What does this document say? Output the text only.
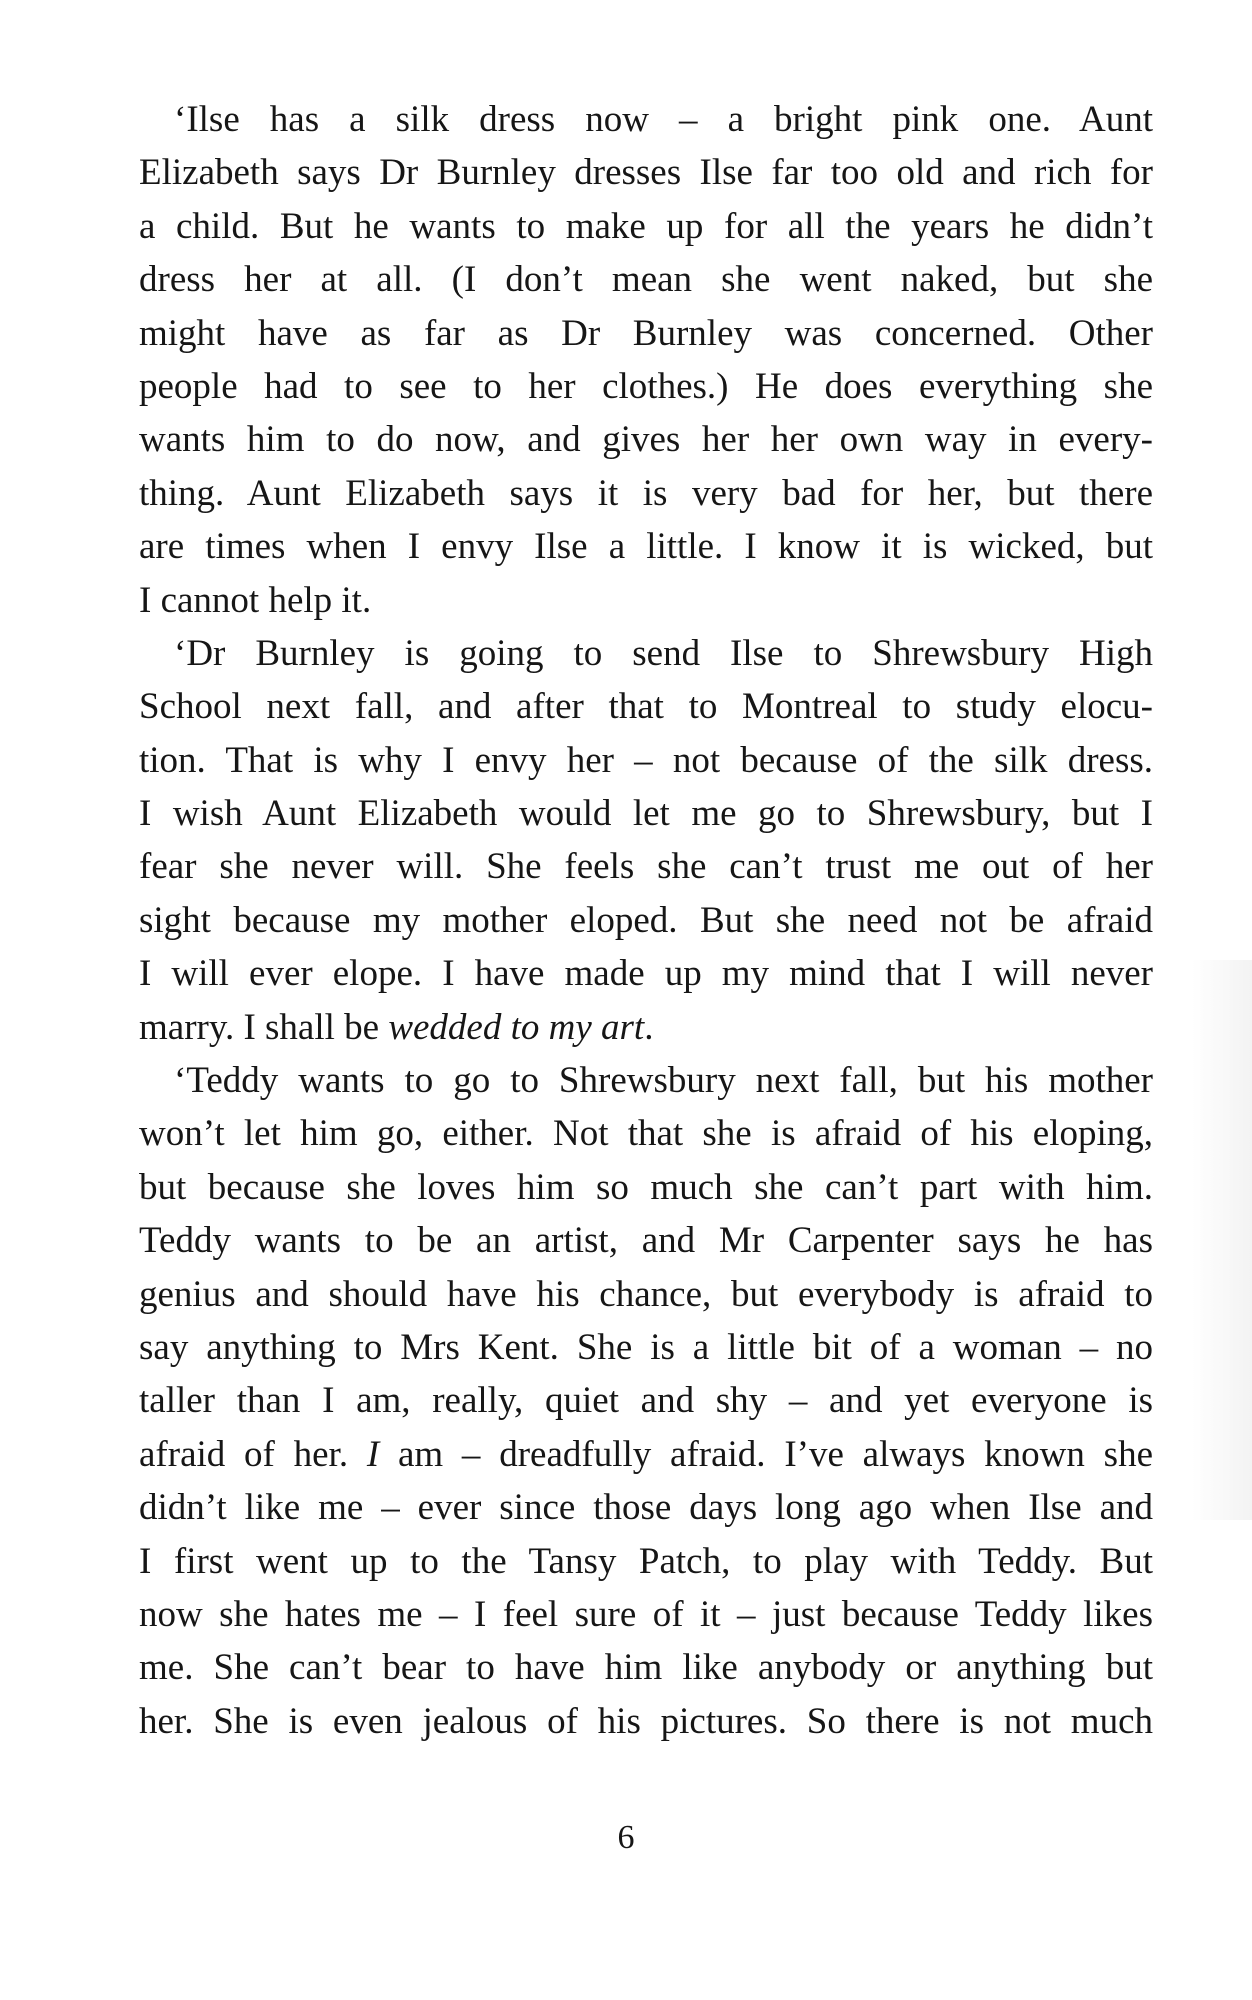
‘Ilse has a silk dress now – a bright pink one. Aunt
Elizabeth says Dr Burnley dresses Ilse far too old and rich for
a child. But he wants to make up for all the years he didn’t
dress her at all. (I don’t mean she went naked, but she
might have as far as Dr Burnley was concerned. Other
people had to see to her clothes.) He does everything she
wants him to do now, and gives her her own way in every-
thing. Aunt Elizabeth says it is very bad for her, but there
are times when I envy Ilse a little. I know it is wicked, but
I cannot help it.
‘Dr Burnley is going to send Ilse to Shrewsbury High
School next fall, and after that to Montreal to study elocu-
tion. That is why I envy her – not because of the silk dress.
I wish Aunt Elizabeth would let me go to Shrewsbury, but I
fear she never will. She feels she can’t trust me out of her
sight because my mother eloped. But she need not be afraid
I will ever elope. I have made up my mind that I will never
marry. I shall be wedded to my art.
‘Teddy wants to go to Shrewsbury next fall, but his mother
won’t let him go, either. Not that she is afraid of his eloping,
but because she loves him so much she can’t part with him.
Teddy wants to be an artist, and Mr Carpenter says he has
genius and should have his chance, but everybody is afraid to
say anything to Mrs Kent. She is a little bit of a woman – no
taller than I am, really, quiet and shy – and yet everyone is
afraid of her. I am – dreadfully afraid. I’ve always known she
didn’t like me – ever since those days long ago when Ilse and
I first went up to the Tansy Patch, to play with Teddy. But
now she hates me – I feel sure of it – just because Teddy likes
me. She can’t bear to have him like anybody or anything but
her. She is even jealous of his pictures. So there is not much
6
